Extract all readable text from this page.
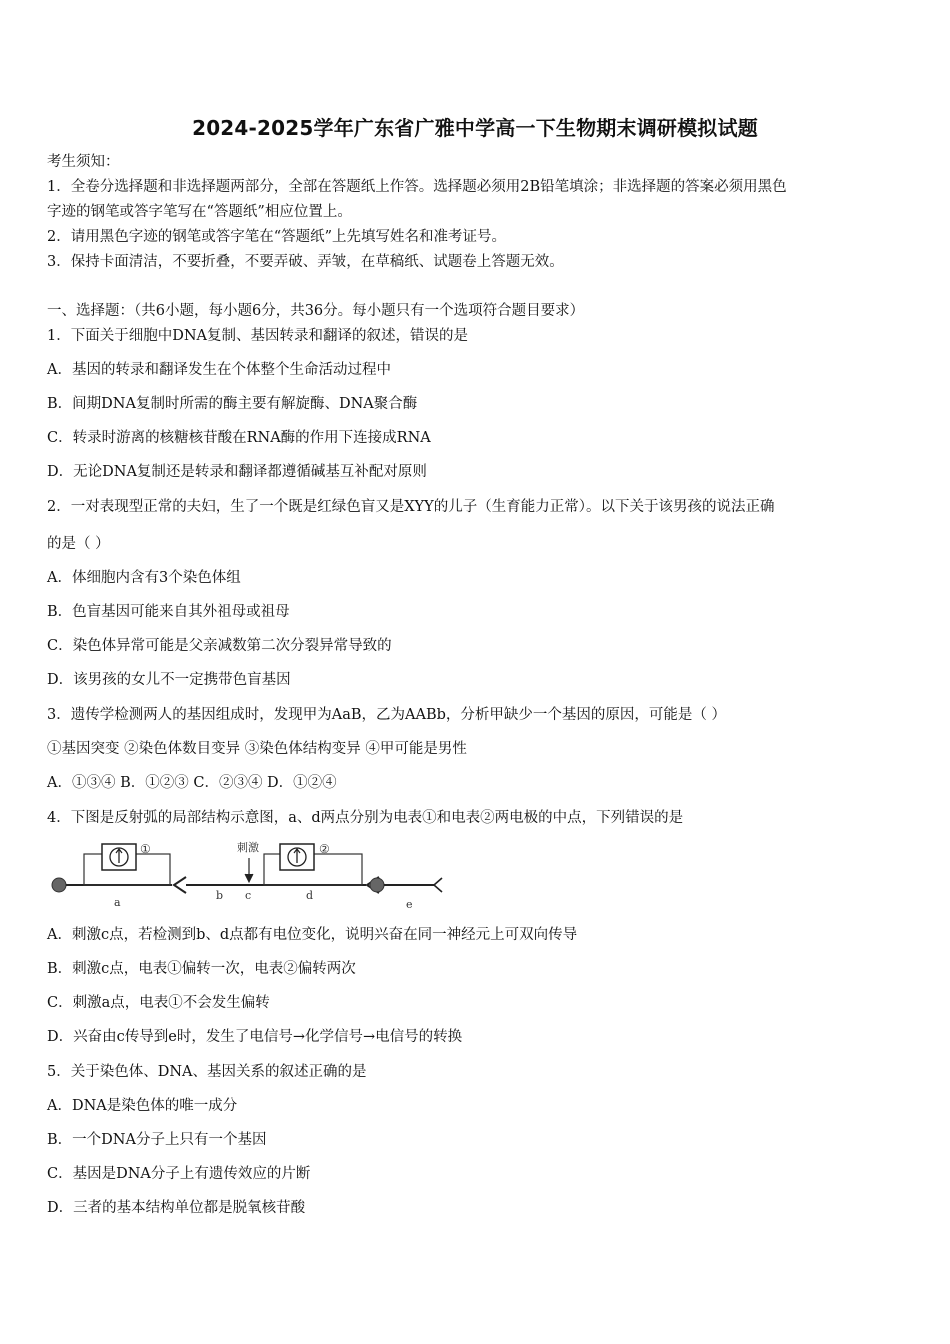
2024-2025学年广东省广雅中学高一下生物期末调研模拟试题
考生须知：
1．全卷分选择题和非选择题两部分，全部在答题纸上作答。选择题必须用2B铅笔填涂；非选择题的答案必须用黑色
字迹的钢笔或答字笔写在“答题纸”相应位置上。
2．请用黑色字迹的钢笔或答字笔在“答题纸”上先填写姓名和准考证号。
3．保持卡面清洁，不要折叠，不要弄破、弄皱，在草稿纸、试题卷上答题无效。
一、选择题：（共6小题，每小题6分，共36分。每小题只有一个选项符合题目要求）
1．下面关于细胞中DNA复制、基因转录和翻译的叙述，错误的是
A．基因的转录和翻译发生在个体整个生命活动过程中
B．间期DNA复制时所需的酶主要有解旋酶、DNA聚合酶
C．转录时游离的核糖核苷酸在RNA酶的作用下连接成RNA
D．无论DNA复制还是转录和翻译都遵循碱基互补配对原则
2．一对表现型正常的夫妇，生了一个既是红绿色盲又是XYY的儿子（生育能力正常）。以下关于该男孩的说法正确
的是（ ）
A．体细胞内含有3个染色体组
B．色盲基因可能来自其外祖母或祖母
C．染色体异常可能是父亲减数第二次分裂异常导致的
D．该男孩的女儿不一定携带色盲基因
3．遗传学检测两人的基因组成时，发现甲为AaB，乙为AABb，分析甲缺少一个基因的原因，可能是（ ）
①基因突变 ②染色体数目变异 ③染色体结构变异 ④甲可能是男性
A．①③④ B．①②③ C．②③④ D．①②④
4．下图是反射弧的局部结构示意图，a、d两点分别为电表①和电表②两电极的中点，下列错误的是
①	②
刺激
a
b c	d
e
A．刺激c点，若检测到b、d点都有电位变化，说明兴奋在同一神经元上可双向传导
B．刺激c点，电表①偏转一次，电表②偏转两次
C．刺激a点，电表①不会发生偏转
D．兴奋由c传导到e时，发生了电信号→化学信号→电信号的转换
5．关于染色体、DNA、基因关系的叙述正确的是
A．DNA是染色体的唯一成分
B．一个DNA分子上只有一个基因
C．基因是DNA分子上有遗传效应的片断
D．三者的基本结构单位都是脱氧核苷酸
